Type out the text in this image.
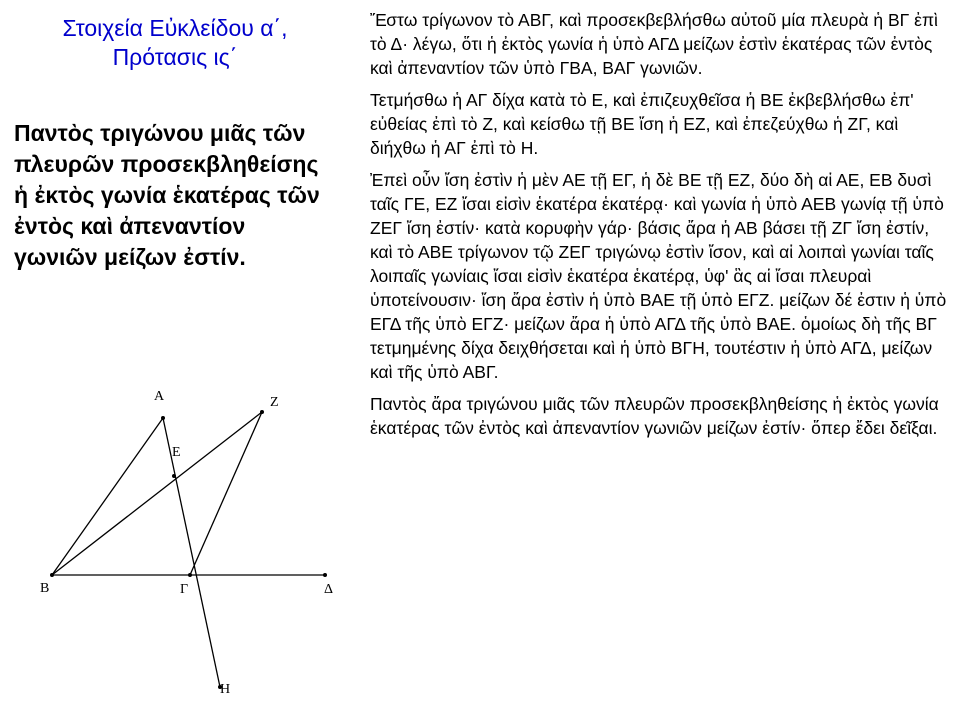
Στοιχεία Εὐκλείδου α΄,
Πρότασις ις΄
Παντὸς τριγώνου μιᾶς τῶν πλευρῶν προσεκβληθείσης ἡ ἐκτὸς γωνία ἑκατέρας τῶν ἐντὸς καὶ ἀπεναντίον γωνιῶν μείζων ἐστίν.

Ἔστω τρίγωνον τὸ ΑΒΓ, καὶ προσεκβεβλήσθω αὐτοῦ μία πλευρὰ ἡ ΒΓ ἐπὶ τὸ Δ· λέγω, ὅτι ἡ ἐκτὸς γωνία ἡ ὑπὸ ΑΓΔ μείζων ἐστὶν ἑκατέρας τῶν ἐντὸς καὶ ἀπεναντίον τῶν ὑπὸ ΓΒΑ, ΒΑΓ γωνιῶν.

Τετμήσθω ἡ ΑΓ δίχα κατὰ τὸ Ε, καὶ ἐπιζευχθεῖσα ἡ ΒΕ ἐκβεβλήσθω ἐπ' εὐθείας ἐπὶ τὸ Ζ, καὶ κείσθω τῇ ΒΕ ἴση ἡ ΕΖ, καὶ ἐπεζεύχθω ἡ ΖΓ, καὶ διήχθω ἡ ΑΓ ἐπὶ τὸ Η.

Ἐπεὶ οὖν ἴση ἐστὶν ἡ μὲν ΑΕ τῇ ΕΓ, ἡ δὲ ΒΕ τῇ ΕΖ, δύο δὴ αἱ ΑΕ, ΕΒ δυσὶ ταῖς ΓΕ, ΕΖ ἴσαι εἰσὶν ἑκατέρα ἑκατέρᾳ· καὶ γωνία ἡ ὑπὸ ΑΕΒ γωνίᾳ τῇ ὑπὸ ΖΕΓ ἴση ἐστίν· κατὰ κορυφὴν γάρ· βάσις ἄρα ἡ ΑΒ βάσει τῇ ΖΓ ἴση ἐστίν, καὶ τὸ ΑΒΕ τρίγωνον τῷ ΖΕΓ τριγώνῳ ἐστὶν ἴσον, καὶ αἱ λοιπαὶ γωνίαι ταῖς λοιπαῖς γωνίαις ἴσαι εἰσὶν ἑκατέρα ἑκατέρᾳ, ὑφ' ἃς αἱ ἴσαι πλευραὶ ὑποτείνουσιν· ἴση ἄρα ἐστὶν ἡ ὑπὸ ΒΑΕ τῇ ὑπὸ ΕΓΖ. μείζων δέ ἐστιν ἡ ὑπὸ ΕΓΔ τῆς ὑπὸ ΕΓΖ· μείζων ἄρα ἡ ὑπὸ ΑΓΔ τῆς ὑπὸ ΒΑΕ. ὁμοίως δὴ τῆς ΒΓ τετμημένης δίχα δειχθήσεται καὶ ἡ ὑπὸ ΒΓΗ, τουτέστιν ἡ ὑπὸ ΑΓΔ, μείζων καὶ τῆς ὑπὸ ΑΒΓ.

Παντὸς ἄρα τριγώνου μιᾶς τῶν πλευρῶν προσεκβληθείσης ἡ ἐκτὸς γωνία ἑκατέρας τῶν ἐντὸς καὶ ἀπεναντίον γωνιῶν μείζων ἐστίν· ὅπερ ἔδει δεῖξαι.

Α
Β	Γ	Δ
Ε
Ζ
Η
